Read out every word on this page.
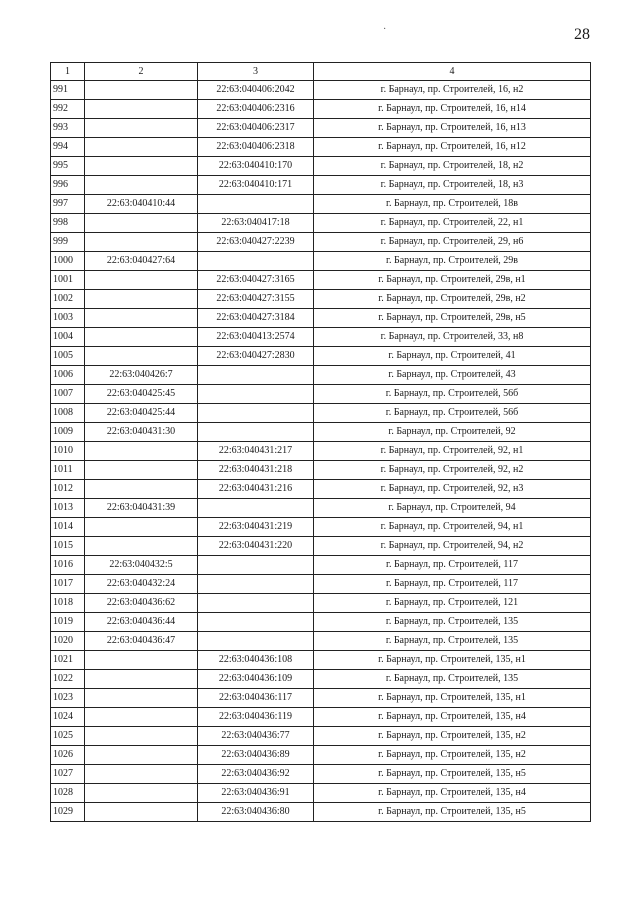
28
·
1	2	3	4
991		22:63:040406:2042	г. Барнаул, пр. Строителей, 16, н2
992		22:63:040406:2316	г. Барнаул, пр. Строителей, 16, н14
993		22:63:040406:2317	г. Барнаул, пр. Строителей, 16, н13
994		22:63:040406:2318	г. Барнаул, пр. Строителей, 16, н12
995		22:63:040410:170	г. Барнаул, пр. Строителей, 18, н2
996		22:63:040410:171	г. Барнаул, пр. Строителей, 18, н3
997	22:63:040410:44		г. Барнаул, пр. Строителей, 18в
998		22:63:040417:18	г. Барнаул, пр. Строителей, 22, н1
999		22:63:040427:2239	г. Барнаул, пр. Строителей, 29, н6
1000	22:63:040427:64		г. Барнаул, пр. Строителей, 29в
1001		22:63:040427:3165	г. Барнаул, пр. Строителей, 29в, н1
1002		22:63:040427:3155	г. Барнаул, пр. Строителей, 29в, н2
1003		22:63:040427:3184	г. Барнаул, пр. Строителей, 29в, н5
1004		22:63:040413:2574	г. Барнаул, пр. Строителей, 33, н8
1005		22:63:040427:2830	г. Барнаул, пр. Строителей, 41
1006	22:63:040426:7		г. Барнаул, пр. Строителей, 43
1007	22:63:040425:45		г. Барнаул, пр. Строителей, 56б
1008	22:63:040425:44		г. Барнаул, пр. Строителей, 56б
1009	22:63:040431:30		г. Барнаул, пр. Строителей, 92
1010		22:63:040431:217	г. Барнаул, пр. Строителей, 92, н1
1011		22:63:040431:218	г. Барнаул, пр. Строителей, 92, н2
1012		22:63:040431:216	г. Барнаул, пр. Строителей, 92, н3
1013	22:63:040431:39		г. Барнаул, пр. Строителей, 94
1014		22:63:040431:219	г. Барнаул, пр. Строителей, 94, н1
1015		22:63:040431:220	г. Барнаул, пр. Строителей, 94, н2
1016	22:63:040432:5		г. Барнаул, пр. Строителей, 117
1017	22:63:040432:24		г. Барнаул, пр. Строителей, 117
1018	22:63:040436:62		г. Барнаул, пр. Строителей, 121
1019	22:63:040436:44		г. Барнаул, пр. Строителей, 135
1020	22:63:040436:47		г. Барнаул, пр. Строителей, 135
1021		22:63:040436:108	г. Барнаул, пр. Строителей, 135, н1
1022		22:63:040436:109	г. Барнаул, пр. Строителей, 135
1023		22:63:040436:117	г. Барнаул, пр. Строителей, 135, н1
1024		22:63:040436:119	г. Барнаул, пр. Строителей, 135, н4
1025		22:63:040436:77	г. Барнаул, пр. Строителей, 135, н2
1026		22:63:040436:89	г. Барнаул, пр. Строителей, 135, н2
1027		22:63:040436:92	г. Барнаул, пр. Строителей, 135, н5
1028		22:63:040436:91	г. Барнаул, пр. Строителей, 135, н4
1029		22:63:040436:80	г. Барнаул, пр. Строителей, 135, н5
